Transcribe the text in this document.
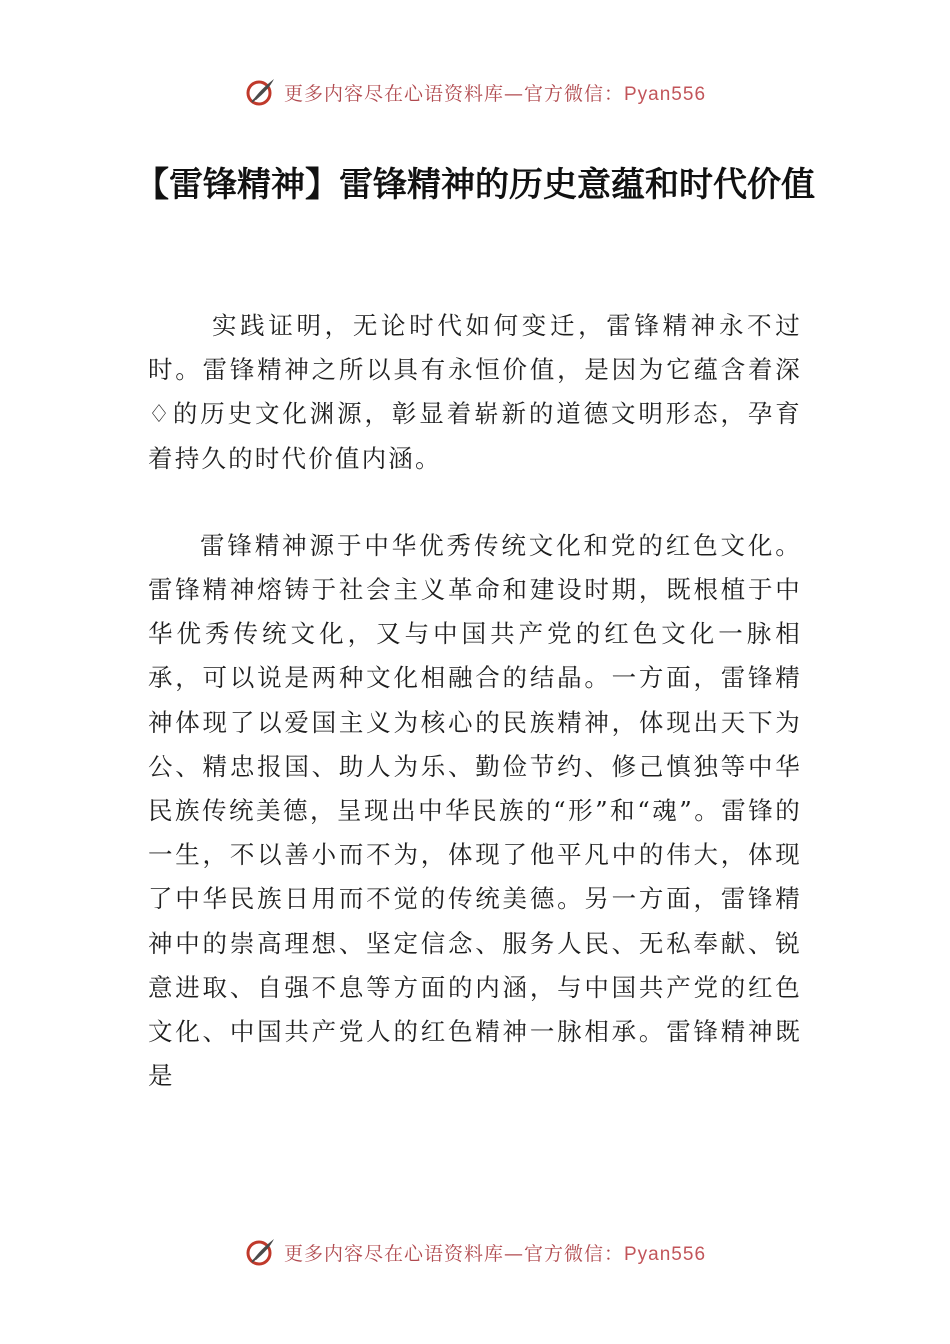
更多内容尽在心语资料库—官方微信：Pyan556
【雷锋精神】雷锋精神的历史意蕴和时代价值

实践证明，无论时代如何变迁，雷锋精神永不过时。雷锋精神之所以具有永恒价值，是因为它蕴含着深♢的历史文化渊源，彰显着崭新的道德文明形态，孕育着持久的时代价值内涵。

雷锋精神源于中华优秀传统文化和党的红色文化。雷锋精神熔铸于社会主义革命和建设时期，既根植于中华优秀传统文化，又与中国共产党的红色文化一脉相承，可以说是两种文化相融合的结晶。一方面，雷锋精神体现了以爱国主义为核心的民族精神，体现出天下为公、精忠报国、助人为乐、勤俭节约、修己慎独等中华民族传统美德，呈现出中华民族的“形”和“魂”。雷锋的一生，不以善小而不为，体现了他平凡中的伟大，体现了中华民族日用而不觉的传统美德。另一方面，雷锋精神中的崇高理想、坚定信念、服务人民、无私奉献、锐意进取、自强不息等方面的内涵，与中国共产党的红色文化、中国共产党人的红色精神一脉相承。雷锋精神既是

更多内容尽在心语资料库—官方微信：Pyan556
